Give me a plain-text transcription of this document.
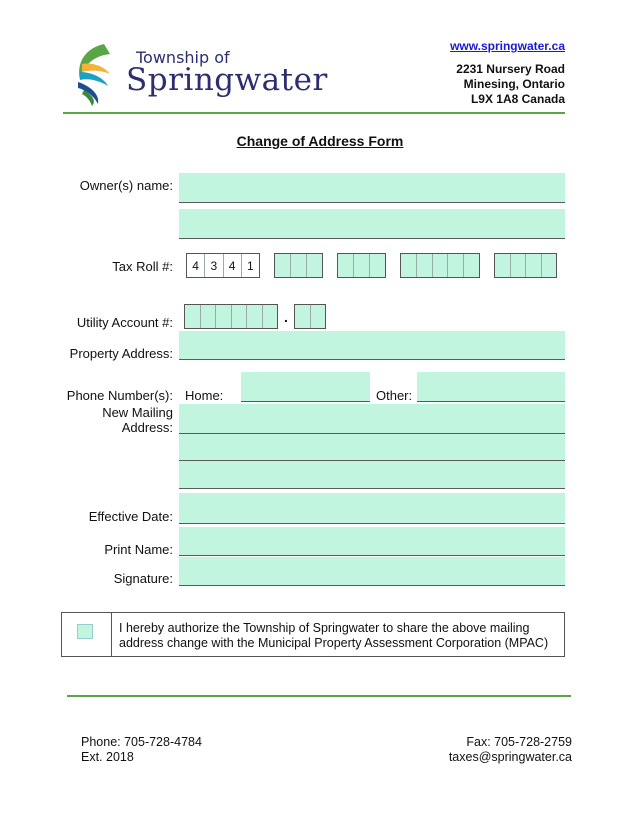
Township of
Springwater
www.springwater.ca
2231 Nursery Road
Minesing, Ontario
L9X 1A8 Canada
Change of Address Form
Owner(s) name:
Tax Roll #:	4 3 4 1
Utility Account #:	.
Property Address:
Phone Number(s): Home:	Other:
New Mailing
Address:
Effective Date:
Print Name:
Signature:
I hereby authorize the Township of Springwater to share the above mailing
address change with the Municipal Property Assessment Corporation (MPAC)
Phone: 705-728-4784
Ext. 2018
Fax: 705-728-2759
taxes@springwater.ca
